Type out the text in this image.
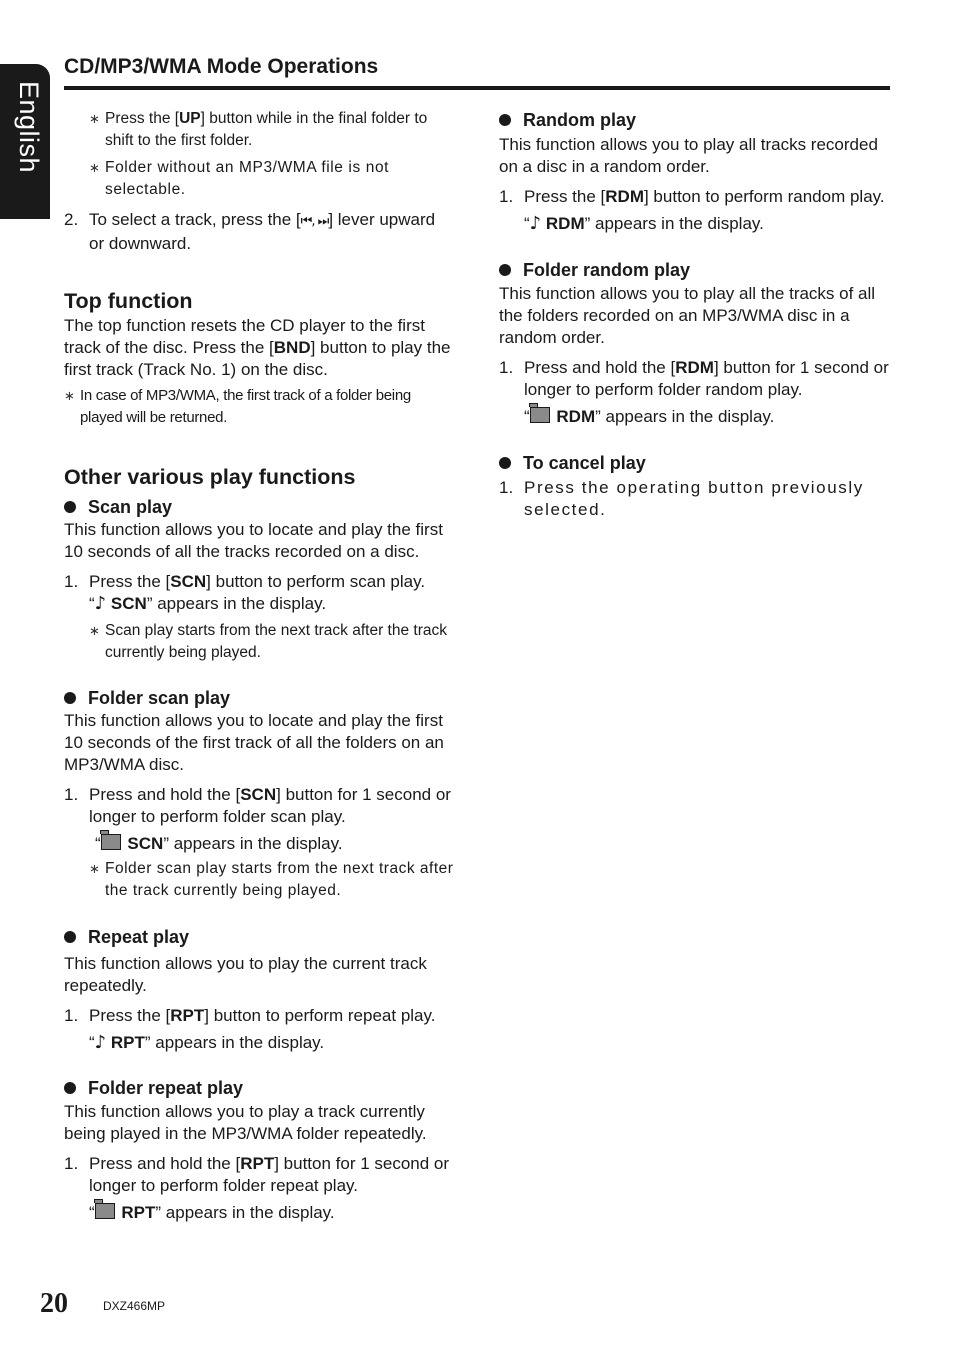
English
CD/MP3/WMA Mode Operations
∗ Press the [UP] button while in the final folder to shift to the first folder.
∗ Folder without an MP3/WMA file is not selectable.
2. To select a track, press the [⏮, ⏭] lever upward or downward.
Top function

The top function resets the CD player to the first track of the disc. Press the [BND] button to play the first track (Track No. 1) on the disc.

∗ In case of MP3/WMA, the first track of a folder being played will be returned.
Other various play functions
Scan play

This function allows you to locate and play the first 10 seconds of all the tracks recorded on a disc.

1. Press the [SCN] button to perform scan play.

“♪ SCN” appears in the display.

∗ Scan play starts from the next track after the track currently being played.
Folder scan play

This function allows you to locate and play the first 10 seconds of the first track of all the folders on an MP3/WMA disc.

1. Press and hold the [SCN] button for 1 second or longer to perform folder scan play.

“ SCN” appears in the display.

∗ Folder scan play starts from the next track after the track currently being played.
Repeat play

This function allows you to play the current track repeatedly.

1. Press the [RPT] button to perform repeat play.

“♪ RPT” appears in the display.

Folder repeat play

This function allows you to play a track currently being played in the MP3/WMA folder repeatedly.

1. Press and hold the [RPT] button for 1 second or longer to perform folder repeat play.

“ RPT” appears in the display.

Random play

This function allows you to play all tracks recorded on a disc in a random order.

1. Press the [RDM] button to perform random play.

“♪ RDM” appears in the display.

Folder random play

This function allows you to play all the tracks of all the folders recorded on an MP3/WMA disc in a random order.

1. Press and hold the [RDM] button for 1 second or longer to perform folder random play.

“ RDM” appears in the display.

To cancel play
1. Press the operating button previously selected.
20	DXZ466MP
